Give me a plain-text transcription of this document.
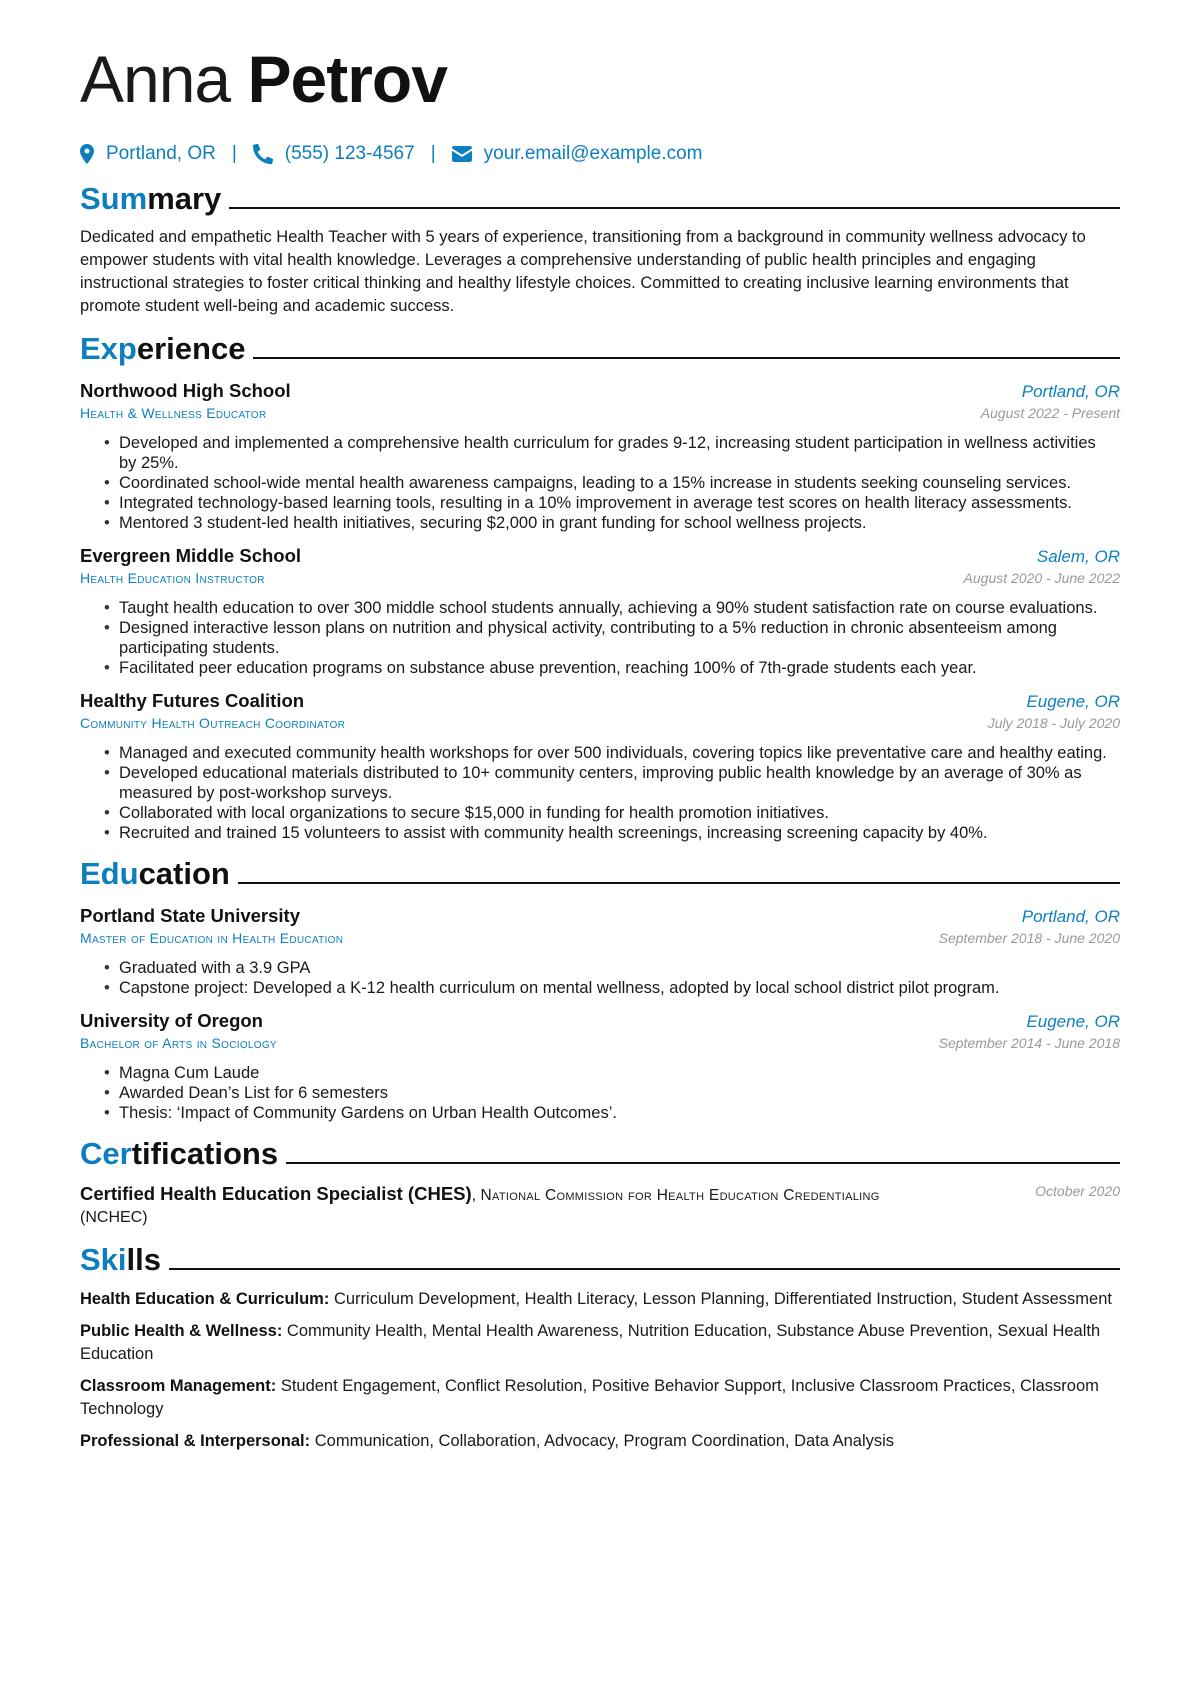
Anna Petrov
Portland, OR |	(555) 123-4567 |	your.email@example.com
Summary

Dedicated and empathetic Health Teacher with 5 years of experience, transitioning from a background in community wellness advocacy to empower students with vital health knowledge. Leverages a comprehensive understanding of public health principles and engaging instructional strategies to foster critical thinking and healthy lifestyle choices. Committed to creating inclusive learning environments that promote student well-being and academic success.

Experience
Northwood High School	Portland, OR
Health & Wellness Educator	August 2022 - Present
• Developed and implemented a comprehensive health curriculum for grades 9-12, increasing student participation in wellness activities by 25%.
• Coordinated school-wide mental health awareness campaigns, leading to a 15% increase in students seeking counseling services.
• Integrated technology-based learning tools, resulting in a 10% improvement in average test scores on health literacy assessments.
• Mentored 3 student-led health initiatives, securing $2,000 in grant funding for school wellness projects.
Evergreen Middle School	Salem, OR
Health Education Instructor	August 2020 - June 2022
• Taught health education to over 300 middle school students annually, achieving a 90% student satisfaction rate on course evaluations.
• Designed interactive lesson plans on nutrition and physical activity, contributing to a 5% reduction in chronic absenteeism among participating students.
• Facilitated peer education programs on substance abuse prevention, reaching 100% of 7th-grade students each year.
Healthy Futures Coalition	Eugene, OR
Community Health Outreach Coordinator	July 2018 - July 2020
• Managed and executed community health workshops for over 500 individuals, covering topics like preventative care and healthy eating.
• Developed educational materials distributed to 10+ community centers, improving public health knowledge by an average of 30% as measured by post-workshop surveys.
• Collaborated with local organizations to secure $15,000 in funding for health promotion initiatives.
• Recruited and trained 15 volunteers to assist with community health screenings, increasing screening capacity by 40%.
Education
Portland State University	Portland, OR
Master of Education in Health Education	September 2018 - June 2020
• Graduated with a 3.9 GPA
• Capstone project: Developed a K-12 health curriculum on mental wellness, adopted by local school district pilot program.
University of Oregon	Eugene, OR
Bachelor of Arts in Sociology	September 2014 - June 2018
• Magna Cum Laude
• Awarded Dean’s List for 6 semesters
• Thesis: ‘Impact of Community Gardens on Urban Health Outcomes’.
Certifications
Certified Health Education Specialist (CHES), National Commission for Health Education Credentialing
(NCHEC)
October 2020
Skills
Health Education & Curriculum: Curriculum Development, Health Literacy, Lesson Planning, Differentiated Instruction, Student Assessment
Public Health & Wellness: Community Health, Mental Health Awareness, Nutrition Education, Substance Abuse Prevention, Sexual Health Education
Classroom Management: Student Engagement, Conflict Resolution, Positive Behavior Support, Inclusive Classroom Practices, Classroom Technology
Professional & Interpersonal: Communication, Collaboration, Advocacy, Program Coordination, Data Analysis
